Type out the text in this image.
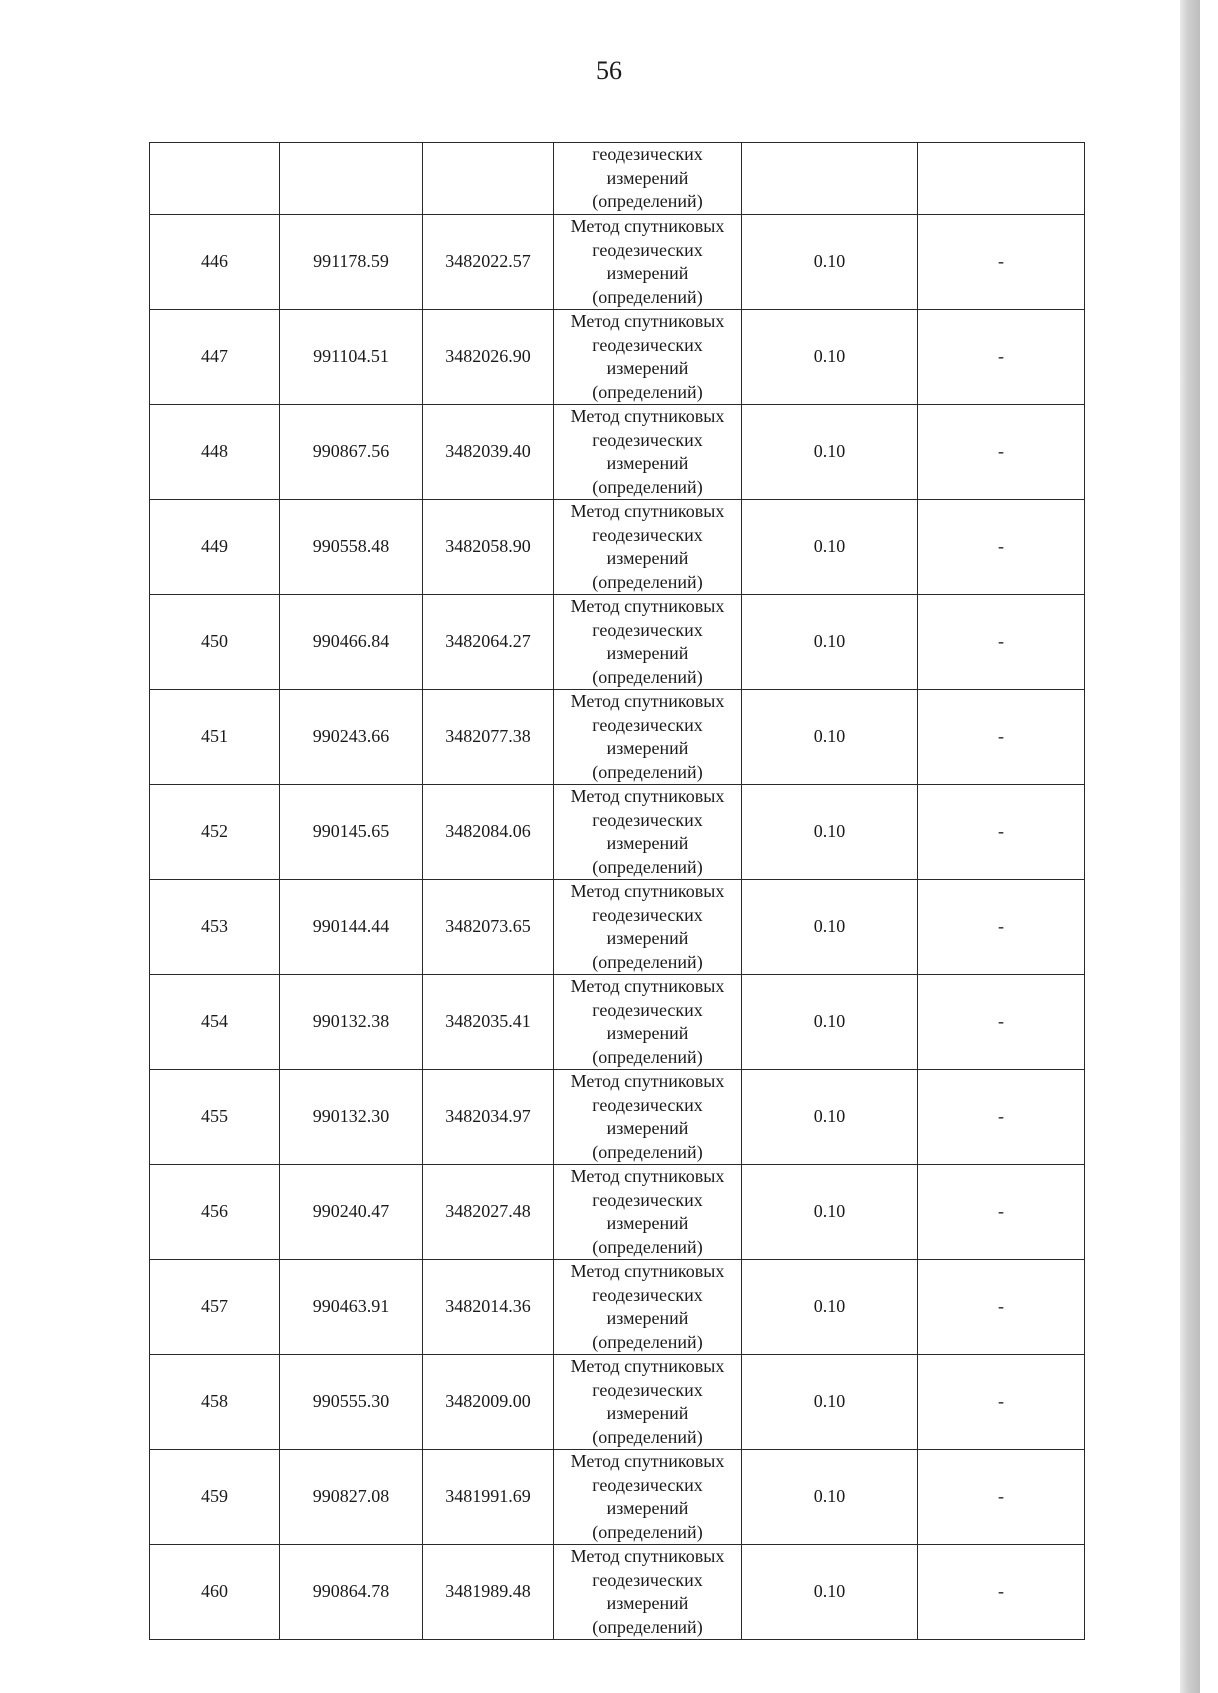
56

			геодезических
измерений
(определений)		

446	991178.59	3482022.57	Метод спутниковых
геодезических
измерений
(определений)	0.10	-
447	991104.51	3482026.90	Метод спутниковых
геодезических
измерений
(определений)	0.10	-
448	990867.56	3482039.40	Метод спутниковых
геодезических
измерений
(определений)	0.10	-
449	990558.48	3482058.90	Метод спутниковых
геодезических
измерений
(определений)	0.10	-
450	990466.84	3482064.27	Метод спутниковых
геодезических
измерений
(определений)	0.10	-
451	990243.66	3482077.38	Метод спутниковых
геодезических
измерений
(определений)	0.10	-
452	990145.65	3482084.06	Метод спутниковых
геодезических
измерений
(определений)	0.10	-
453	990144.44	3482073.65	Метод спутниковых
геодезических
измерений
(определений)	0.10	-
454	990132.38	3482035.41	Метод спутниковых
геодезических
измерений
(определений)	0.10	-
455	990132.30	3482034.97	Метод спутниковых
геодезических
измерений
(определений)	0.10	-
456	990240.47	3482027.48	Метод спутниковых
геодезических
измерений
(определений)	0.10	-
457	990463.91	3482014.36	Метод спутниковых
геодезических
измерений
(определений)	0.10	-
458	990555.30	3482009.00	Метод спутниковых
геодезических
измерений
(определений)	0.10	-
459	990827.08	3481991.69	Метод спутниковых
геодезических
измерений
(определений)	0.10	-
460	990864.78	3481989.48	Метод спутниковых
геодезических
измерений
(определений)	0.10	-
